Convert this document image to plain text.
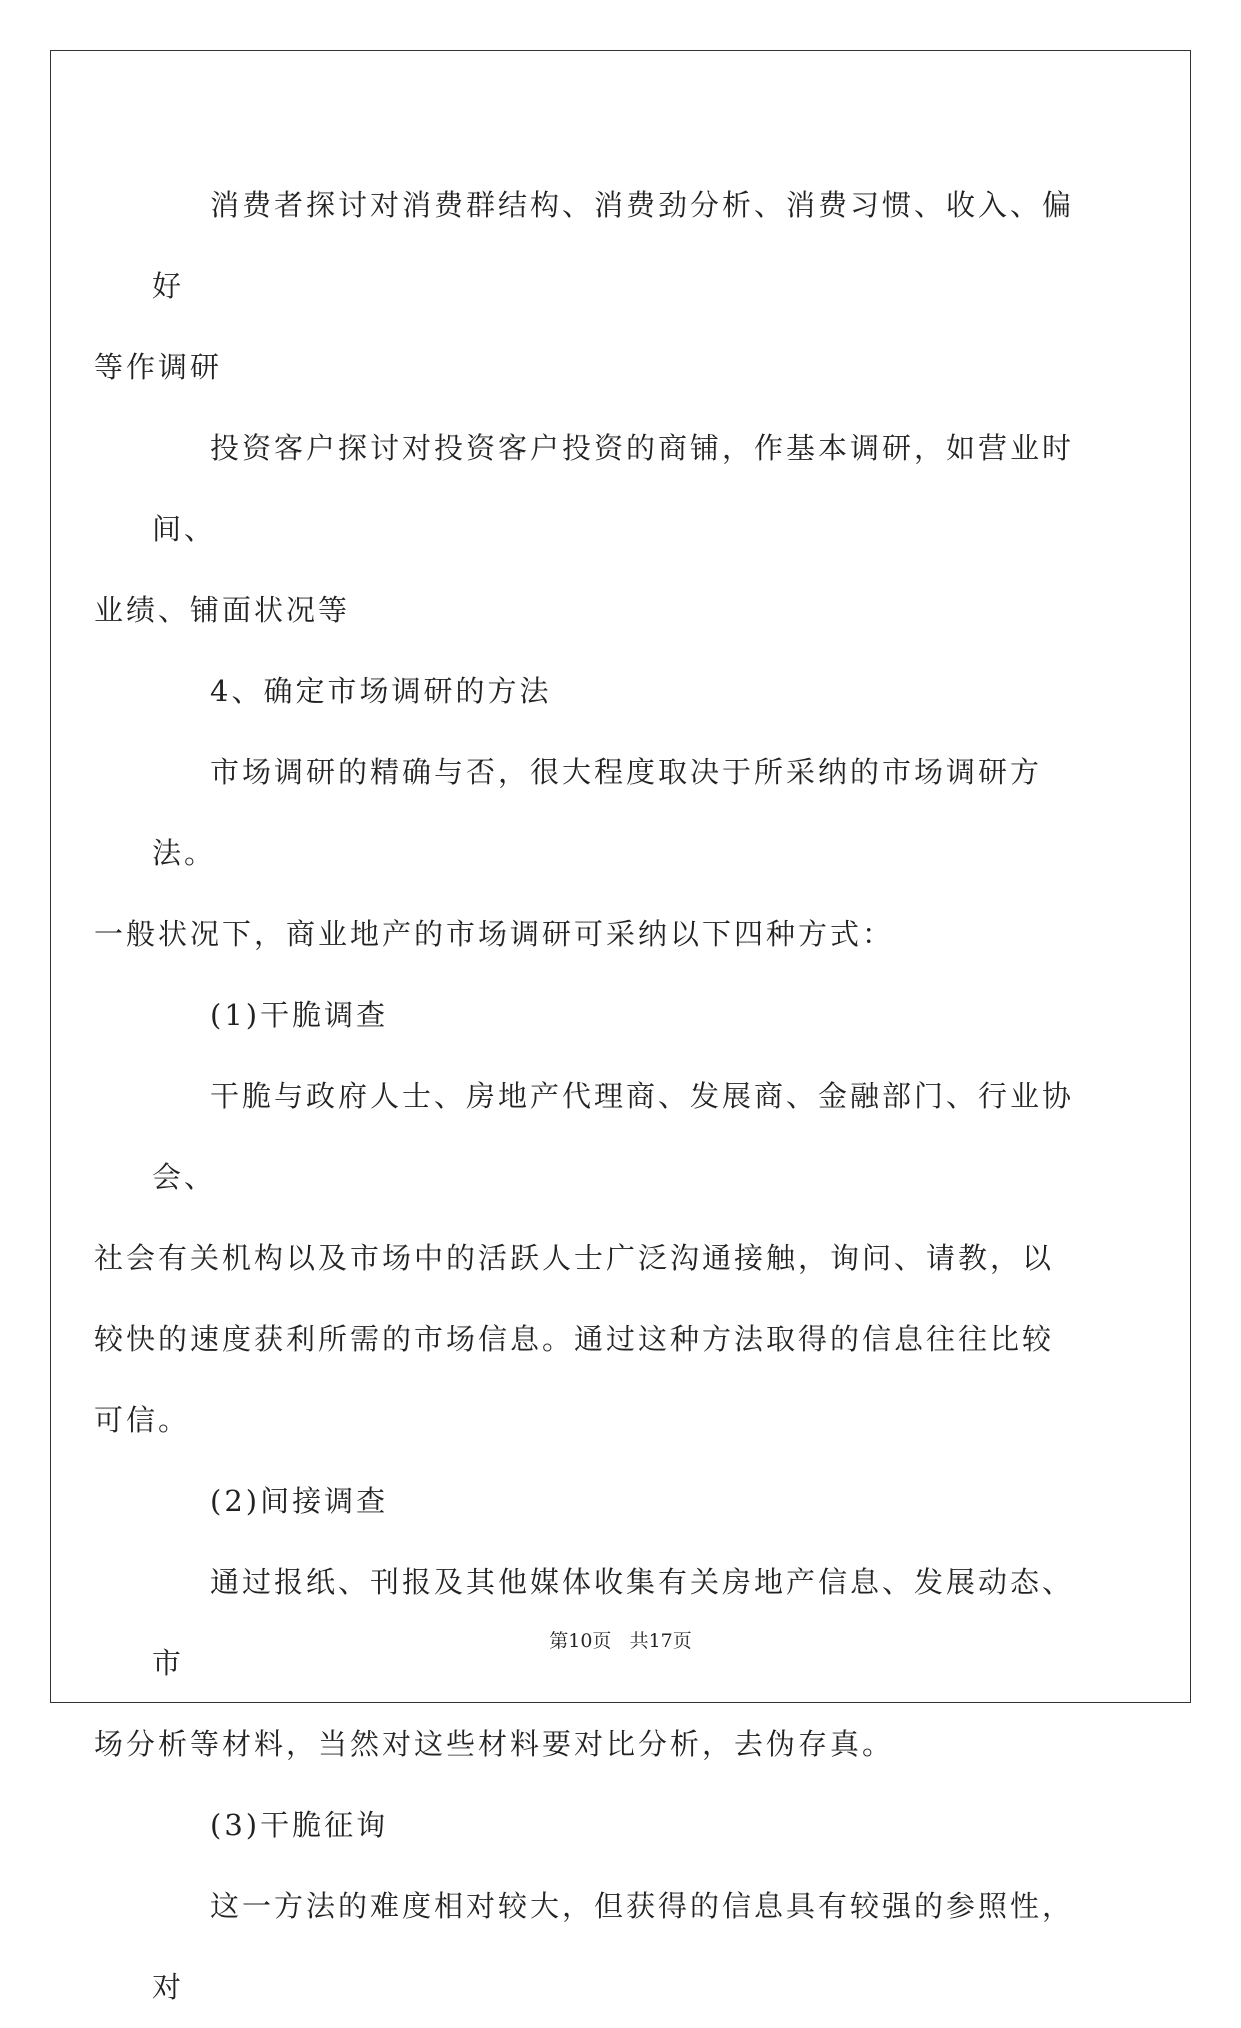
消费者探讨对消费群结构、消费劲分析、消费习惯、收入、偏好
等作调研

投资客户探讨对投资客户投资的商铺，作基本调研，如营业时间、
业绩、铺面状况等

4、确定市场调研的方法

市场调研的精确与否，很大程度取决于所采纳的市场调研方法。
一般状况下，商业地产的市场调研可采纳以下四种方式：

(1)干脆调查

干脆与政府人士、房地产代理商、发展商、金融部门、行业协会、
社会有关机构以及市场中的活跃人士广泛沟通接触，询问、请教，以
较快的速度获利所需的市场信息。通过这种方法取得的信息往往比较
可信。

(2)间接调查

通过报纸、刊报及其他媒体收集有关房地产信息、发展动态、市
场分析等材料，当然对这些材料要对比分析，去伪存真。

(3)干脆征询

这一方法的难度相对较大，但获得的信息具有较强的参照性，对

第10页 共17页
